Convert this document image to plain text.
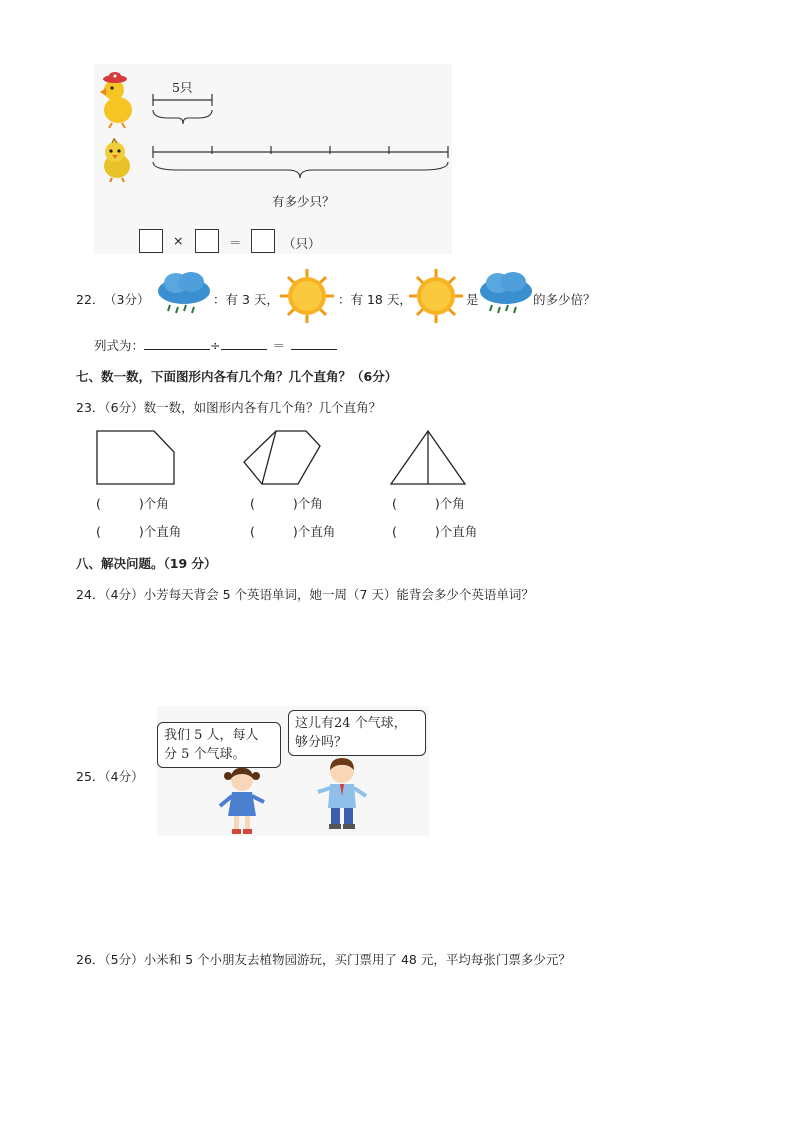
5只
有多少只？
×	＝	（只）
22． （3分）	：有 3 天，	：有 18 天，	是	的多少倍？
列式为：	÷	＝
七、数一数，下面图形内各有几个角？几个直角？（6分）
23．（6分）数一数，如图形内各有几个角？几个直角？
(	)个角	(	)个角	(	)个角
(	)个直角	(	)个直角	(	)个直角
八、解决问题。（19 分）
24．（4分）小芳每天背会 5 个英语单词，她一周（7 天）能背会多少个英语单词？
25．（4分）
我们 5 人，每人
分 5 个气球。
这儿有24 个气球，
够分吗？
26．（5分）小米和 5 个小朋友去植物园游玩，买门票用了 48 元，平均每张门票多少元？
